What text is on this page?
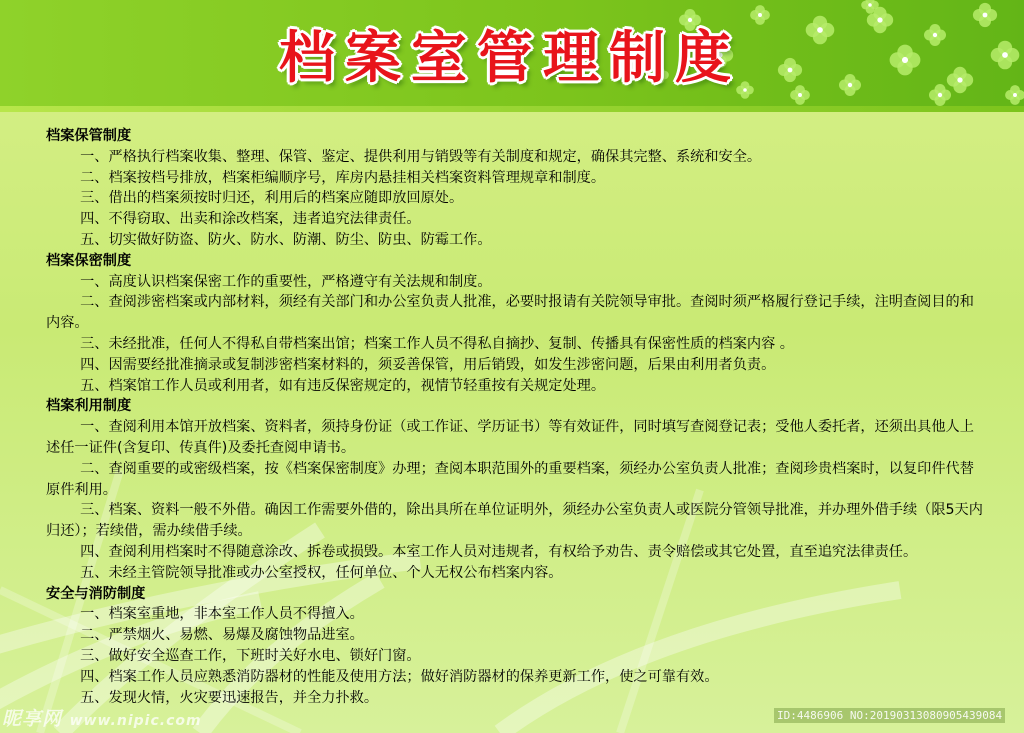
档案室管理制度
档案保管制度
一、严格执行档案收集、整理、保管、鉴定、提供利用与销毁等有关制度和规定，确保其完整、系统和安全。
二、档案按档号排放，档案柜编顺序号，库房内悬挂相关档案资料管理规章和制度。
三、借出的档案须按时归还，利用后的档案应随即放回原处。
四、不得窃取、出卖和涂改档案，违者追究法律责任。
五、切实做好防盗、防火、防水、防潮、防尘、防虫、防霉工作。
档案保密制度
一、高度认识档案保密工作的重要性，严格遵守有关法规和制度。
二、查阅涉密档案或内部材料，须经有关部门和办公室负责人批准，必要时报请有关院领导审批。查阅时须严格履行登记手续，注明查阅目的和内容。
三、未经批准，任何人不得私自带档案出馆；档案工作人员不得私自摘抄、复制、传播具有保密性质的档案内容 。
四、因需要经批准摘录或复制涉密档案材料的，须妥善保管，用后销毁，如发生涉密问题，后果由利用者负责。
五、档案馆工作人员或利用者，如有违反保密规定的，视情节轻重按有关规定处理。
档案利用制度
一、查阅利用本馆开放档案、资料者，须持身份证（或工作证、学历证书）等有效证件，同时填写查阅登记表；受他人委托者，还须出具他人上述任一证件(含复印、传真件)及委托查阅申请书。
二、查阅重要的或密级档案，按《档案保密制度》办理；查阅本职范围外的重要档案，须经办公室负责人批准；查阅珍贵档案时，以复印件代替原件利用。
三、档案、资料一般不外借。确因工作需要外借的，除出具所在单位证明外，须经办公室负责人或医院分管领导批准，并办理外借手续（限5天内归还）；若续借，需办续借手续。
四、查阅利用档案时不得随意涂改、拆卷或损毁。本室工作人员对违规者，有权给予劝告、责令赔偿或其它处置，直至追究法律责任。
五、未经主管院领导批准或办公室授权，任何单位、个人无权公布档案内容。
安全与消防制度
一、档案室重地，非本室工作人员不得擅入。
二、严禁烟火、易燃、易爆及腐蚀物品进室。
三、做好安全巡查工作，下班时关好水电、锁好门窗。
四、档案工作人员应熟悉消防器材的性能及使用方法；做好消防器材的保养更新工作，使之可靠有效。
五、发现火情，火灾要迅速报告，并全力扑救。
昵享网 www.nipic.com	ID:4486906 NO:20190313080905439084
